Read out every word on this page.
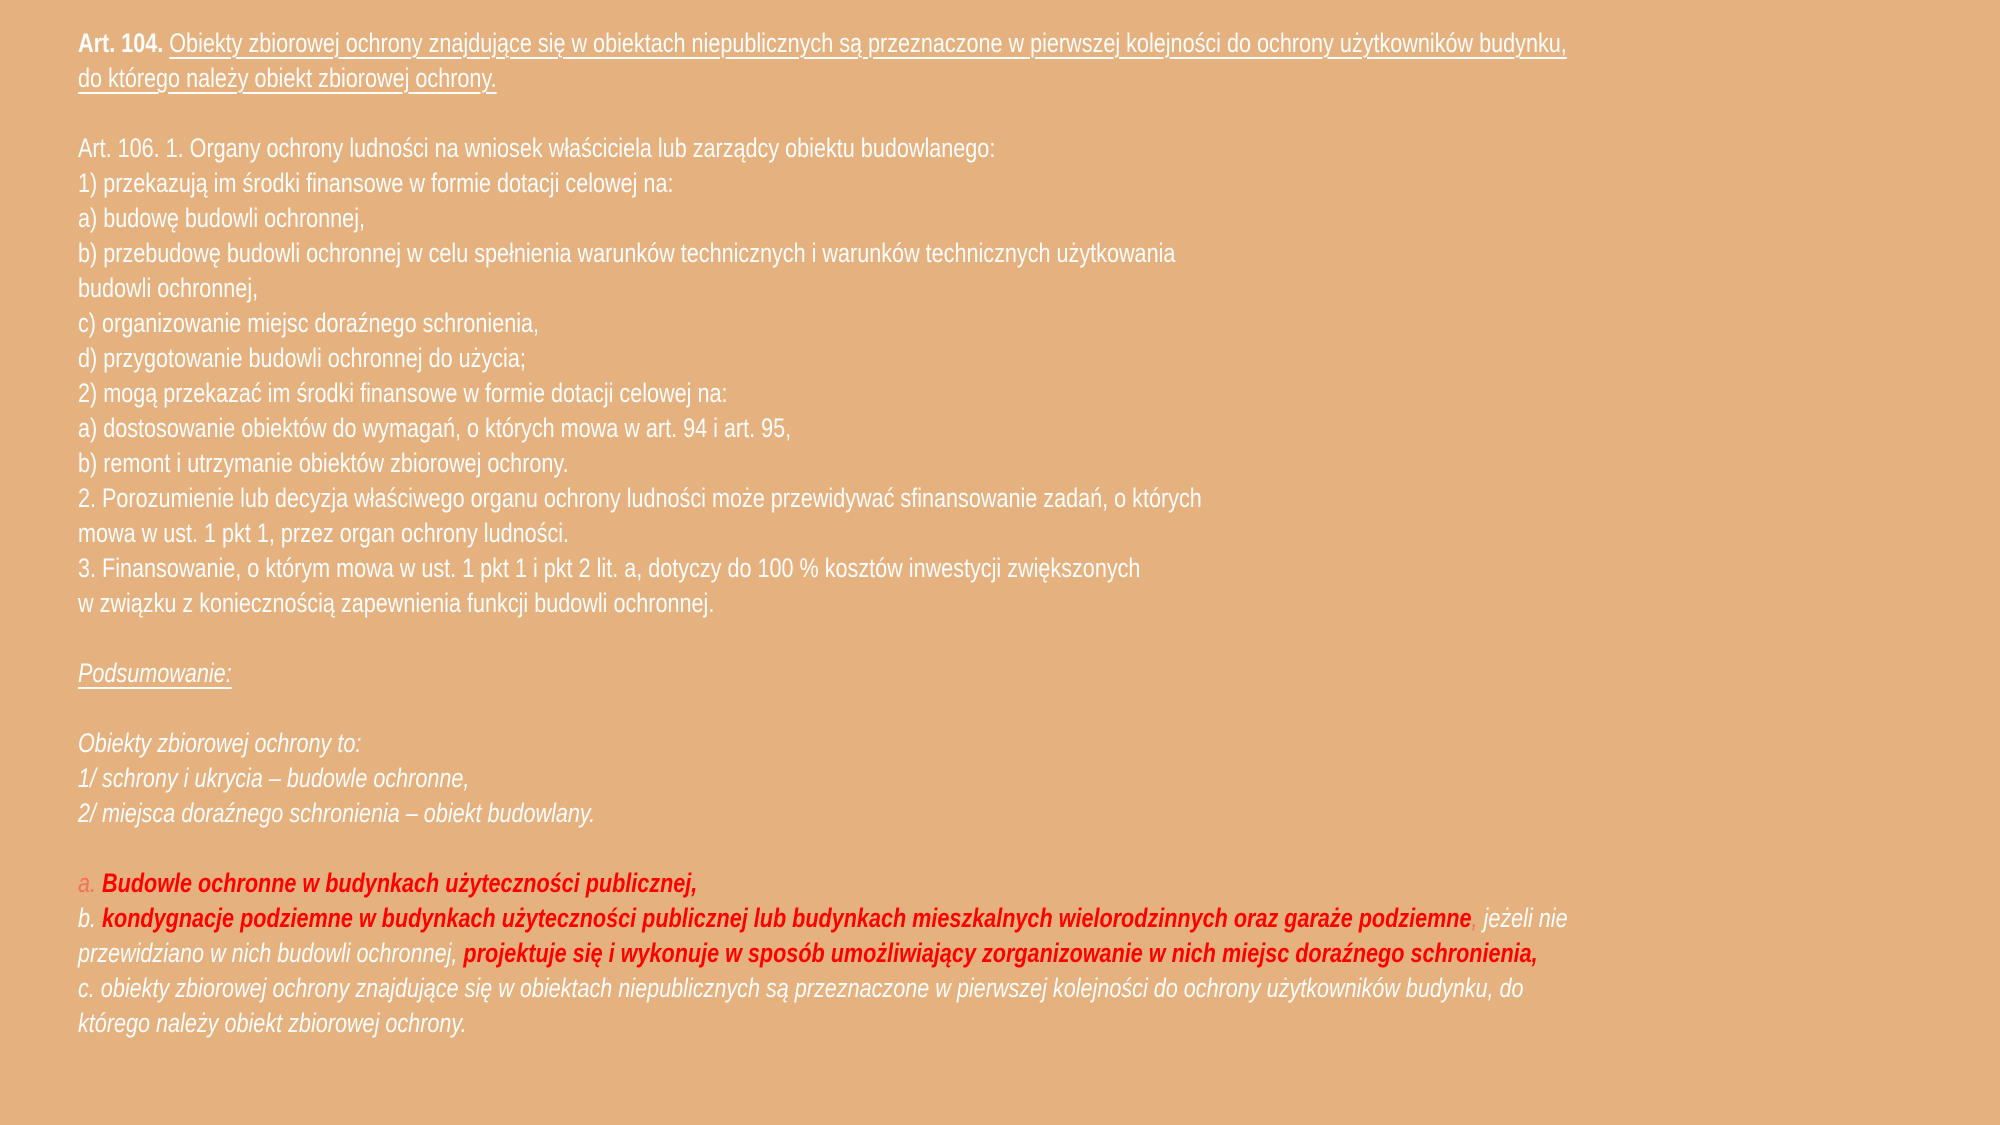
Art. 104. Obiekty zbiorowej ochrony znajdujące się w obiektach niepublicznych są przeznaczone w pierwszej kolejności do ochrony użytkowników budynku,
do którego należy obiekt zbiorowej ochrony.
Art. 106. 1. Organy ochrony ludności na wniosek właściciela lub zarządcy obiektu budowlanego:
1) przekazują im środki finansowe w formie dotacji celowej na:
a) budowę budowli ochronnej,
b) przebudowę budowli ochronnej w celu spełnienia warunków technicznych i warunków technicznych użytkowania
budowli ochronnej,
c) organizowanie miejsc doraźnego schronienia,
d) przygotowanie budowli ochronnej do użycia;
2) mogą przekazać im środki finansowe w formie dotacji celowej na:
a) dostosowanie obiektów do wymagań, o których mowa w art. 94 i art. 95,
b) remont i utrzymanie obiektów zbiorowej ochrony.
2. Porozumienie lub decyzja właściwego organu ochrony ludności może przewidywać sfinansowanie zadań, o których
mowa w ust. 1 pkt 1, przez organ ochrony ludności.
3. Finansowanie, o którym mowa w ust. 1 pkt 1 i pkt 2 lit. a, dotyczy do 100 % kosztów inwestycji zwiększonych
w związku z koniecznością zapewnienia funkcji budowli ochronnej.
Podsumowanie:
Obiekty zbiorowej ochrony to:
1/ schrony i ukrycia – budowle ochronne,
2/ miejsca doraźnego schronienia – obiekt budowlany.
a. Budowle ochronne w budynkach użyteczności publicznej,
b. kondygnacje podziemne w budynkach użyteczności publicznej lub budynkach mieszkalnych wielorodzinnych oraz garaże podziemne, jeżeli nie
przewidziano w nich budowli ochronnej, projektuje się i wykonuje w sposób umożliwiający zorganizowanie w nich miejsc doraźnego schronienia,
c. obiekty zbiorowej ochrony znajdujące się w obiektach niepublicznych są przeznaczone w pierwszej kolejności do ochrony użytkowników budynku, do
którego należy obiekt zbiorowej ochrony.
